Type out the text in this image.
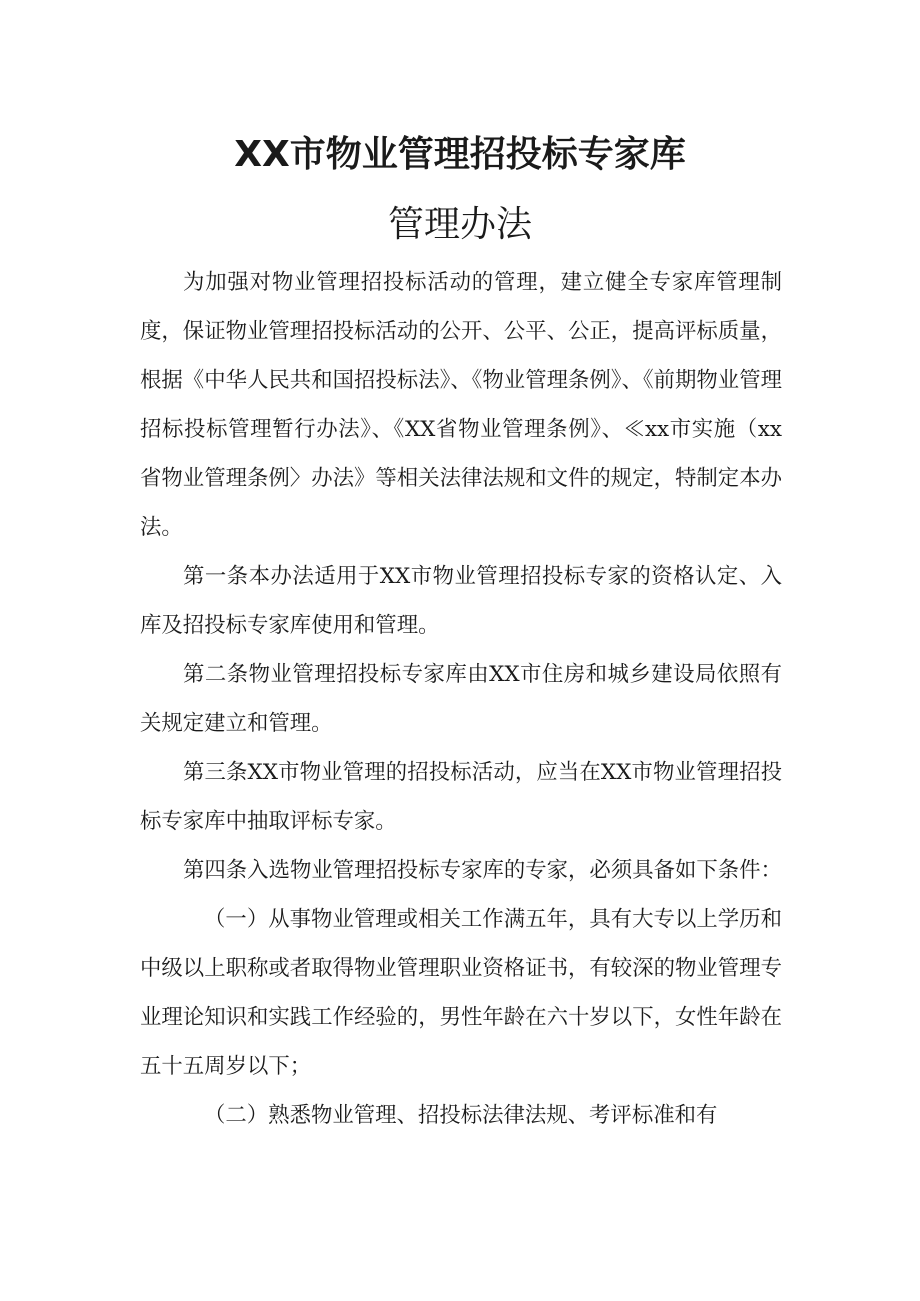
XX市物业管理招投标专家库
管理办法

为加强对物业管理招投标活动的管理，建立健全专家库管理制度，保证物业管理招投标活动的公开、公平、公正，提高评标质量，根据《中华人民共和国招投标法》、《物业管理条例》、《前期物业管理招标投标管理暂行办法》、《XX省物业管理条例》、≪xx市实施（xx省物业管理条例〉办法》等相关法律法规和文件的规定，特制定本办法。

第一条本办法适用于XX市物业管理招投标专家的资格认定、入库及招投标专家库使用和管理。

第二条物业管理招投标专家库由XX市住房和城乡建设局依照有关规定建立和管理。

第三条XX市物业管理的招投标活动，应当在XX市物业管理招投标专家库中抽取评标专家。

第四条入选物业管理招投标专家库的专家，必须具备如下条件：

（一）从事物业管理或相关工作满五年，具有大专以上学历和中级以上职称或者取得物业管理职业资格证书，有较深的物业管理专业理论知识和实践工作经验的，男性年龄在六十岁以下，女性年龄在五十五周岁以下；

（二）熟悉物业管理、招投标法律法规、考评标准和有
